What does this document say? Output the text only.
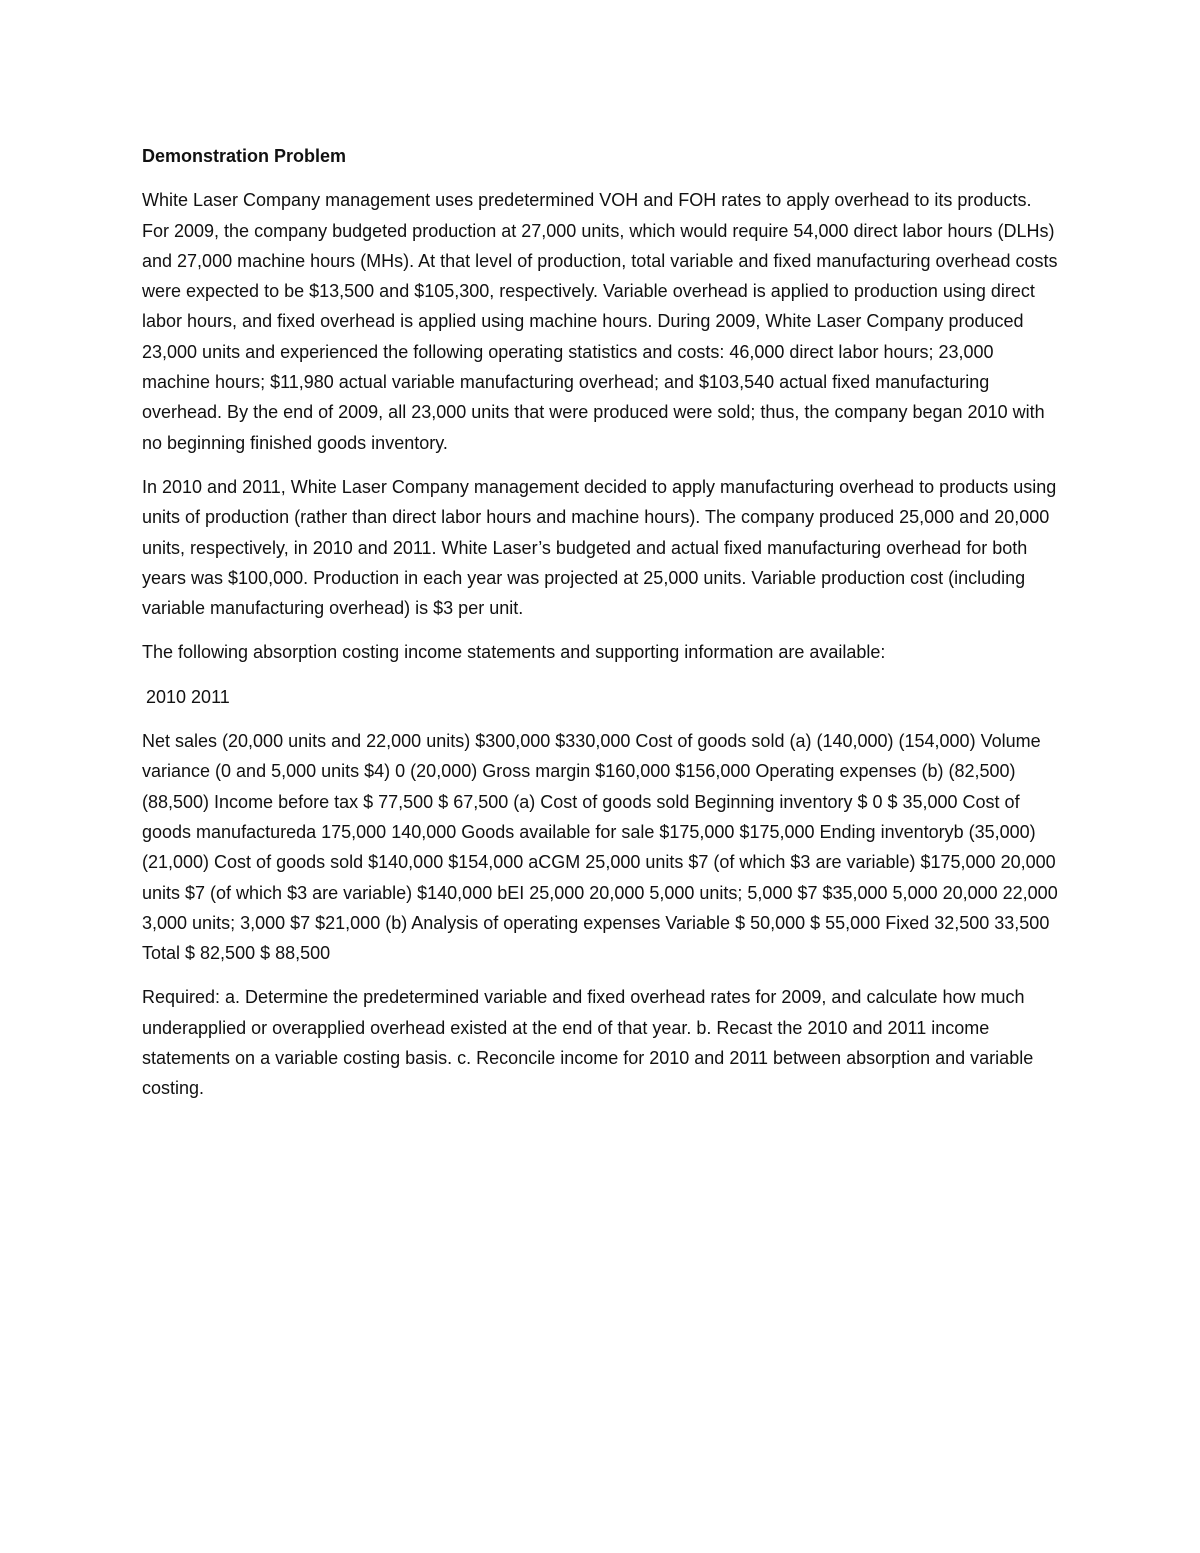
Demonstration Problem

White Laser Company management uses predetermined VOH and FOH rates to apply overhead to its products. For 2009, the company budgeted production at 27,000 units, which would require 54,000 direct labor hours (DLHs) and 27,000 machine hours (MHs). At that level of production, total variable and fixed manufacturing overhead costs were expected to be $13,500 and $105,300, respectively. Variable overhead is applied to production using direct labor hours, and fixed overhead is applied using machine hours. During 2009, White Laser Company produced 23,000 units and experienced the following operating statistics and costs: 46,000 direct labor hours; 23,000 machine hours; $11,980 actual variable manufacturing overhead; and $103,540 actual fixed manufacturing overhead. By the end of 2009, all 23,000 units that were produced were sold; thus, the company began 2010 with no beginning finished goods inventory.

In 2010 and 2011, White Laser Company management decided to apply manufacturing overhead to products using units of production (rather than direct labor hours and machine hours). The company produced 25,000 and 20,000 units, respectively, in 2010 and 2011. White Laser’s budgeted and actual fixed manufacturing overhead for both years was $100,000. Production in each year was projected at 25,000 units. Variable production cost (including variable manufacturing overhead) is $3 per unit.

The following absorption costing income statements and supporting information are available:

2010 2011

Net sales (20,000 units and 22,000 units) $300,000 $330,000 Cost of goods sold (a) (140,000) (154,000) Volume variance (0 and 5,000 units $4) 0 (20,000) Gross margin $160,000 $156,000 Operating expenses (b) (82,500) (88,500) Income before tax $ 77,500 $ 67,500 (a) Cost of goods sold Beginning inventory $ 0 $ 35,000 Cost of goods manufactureda 175,000 140,000 Goods available for sale $175,000 $175,000 Ending inventoryb (35,000) (21,000) Cost of goods sold $140,000 $154,000 aCGM 25,000 units $7 (of which $3 are variable) $175,000 20,000 units $7 (of which $3 are variable) $140,000 bEI 25,000 20,000 5,000 units; 5,000 $7 $35,000 5,000 20,000 22,000 3,000 units; 3,000 $7 $21,000 (b) Analysis of operating expenses Variable $ 50,000 $ 55,000 Fixed 32,500 33,500 Total $ 82,500 $ 88,500

Required: a. Determine the predetermined variable and fixed overhead rates for 2009, and calculate how much underapplied or overapplied overhead existed at the end of that year. b. Recast the 2010 and 2011 income statements on a variable costing basis. c. Reconcile income for 2010 and 2011 between absorption and variable costing.
